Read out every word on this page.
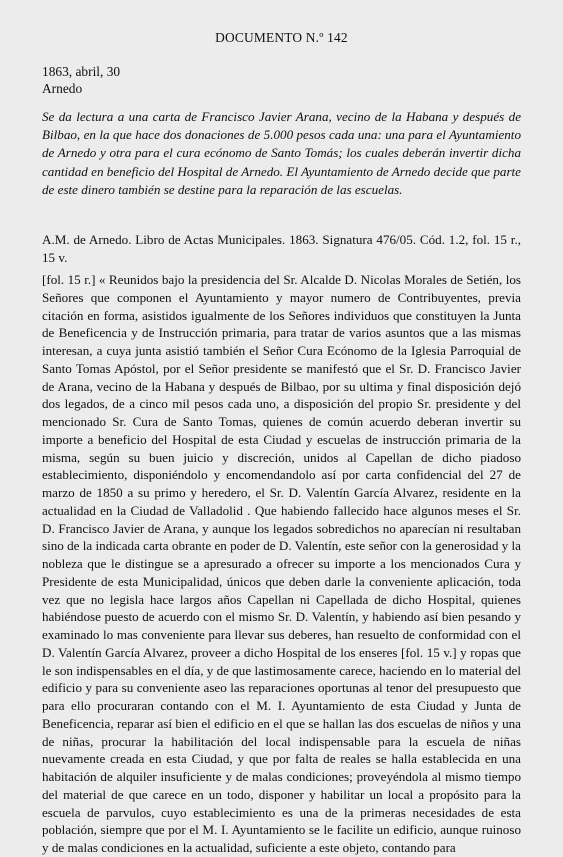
DOCUMENTO N.º 142
1863, abril, 30
Arnedo

Se da lectura a una carta de Francisco Javier Arana, vecino de la Habana y después de Bilbao, en la que hace dos donaciones de 5.000 pesos cada una: una para el Ayuntamiento de Arnedo y otra para el cura ecónomo de Santo Tomás; los cuales deberán invertir dicha cantidad en beneficio del Hospital de Arnedo. El Ayuntamiento de Arnedo decide que parte de este dinero también se destine para la reparación de las escuelas.

A.M. de Arnedo. Libro de Actas Municipales. 1863. Signatura 476/05. Cód. 1.2, fol. 15 r., 15 v.

[fol. 15 r.] « Reunidos bajo la presidencia del Sr. Alcalde D. Nicolas Morales de Setién, los Señores que componen el Ayuntamiento y mayor numero de Contribuyentes, previa citación en forma, asistidos igualmente de los Señores individuos que constituyen la Junta de Beneficencia y de Instrucción primaria, para tratar de varios asuntos que a las mismas interesan, a cuya junta asistió también el Señor Cura Ecónomo de la Iglesia Parroquial de Santo Tomas Apóstol, por el Señor presidente se manifestó que el Sr. D. Francisco Javier de Arana, vecino de la Habana y después de Bilbao, por su ultima y final disposición dejó dos legados, de a cinco mil pesos cada uno, a disposición del propio Sr. presidente y del mencionado Sr. Cura de Santo Tomas, quienes de común acuerdo deberan invertir su importe a beneficio del Hospital de esta Ciudad y escuelas de instrucción primaria de la misma, según su buen juicio y discreción, unidos al Capellan de dicho piadoso establecimiento, disponiéndolo y encomendandolo así por carta confidencial del 27 de marzo de 1850 a su primo y heredero, el Sr. D. Valentín García Alvarez, residente en la actualidad en la Ciudad de Valladolid . Que habiendo fallecido hace algunos meses el Sr. D. Francisco Javier de Arana, y aunque los legados sobredichos no aparecían ni resultaban sino de la indicada carta obrante en poder de D. Valentín, este señor con la generosidad y la nobleza que le distingue se a apresurado a ofrecer su importe a los mencionados Cura y Presidente de esta Municipalidad, únicos que deben darle la conveniente aplicación, toda vez que no legisla hace largos años Capellan ni Capellada de dicho Hospital, quienes habiéndose puesto de acuerdo con el mismo Sr. D. Valentín, y habiendo así bien pesando y examinado lo mas conveniente para llevar sus deberes, han resuelto de conformidad con el D. Valentín García Alvarez, proveer a dicho Hospital de los enseres [fol. 15 v.] y ropas que le son indispensables en el día, y de que lastimosamente carece, haciendo en lo material del edificio y para su conveniente aseo las reparaciones oportunas al tenor del presupuesto que para ello procuraran contando con el M. I. Ayuntamiento de esta Ciudad y Junta de Beneficencia, reparar así bien el edificio en el que se hallan las dos escuelas de niños y una de niñas, procurar la habilitación del local indispensable para la escuela de niñas nuevamente creada en esta Ciudad, y que por falta de reales se halla establecida en una habitación de alquiler insuficiente y de malas condiciones; proveyéndola al mismo tiempo del material de que carece en un todo, disponer y habilitar un local a propósito para la escuela de parvulos, cuyo establecimiento es una de la primeras necesidades de esta población, siempre que por el M. I. Ayuntamiento se le facilite un edificio, aunque ruinoso y de malas condiciones en la actualidad, suficiente a este objeto, contando para
